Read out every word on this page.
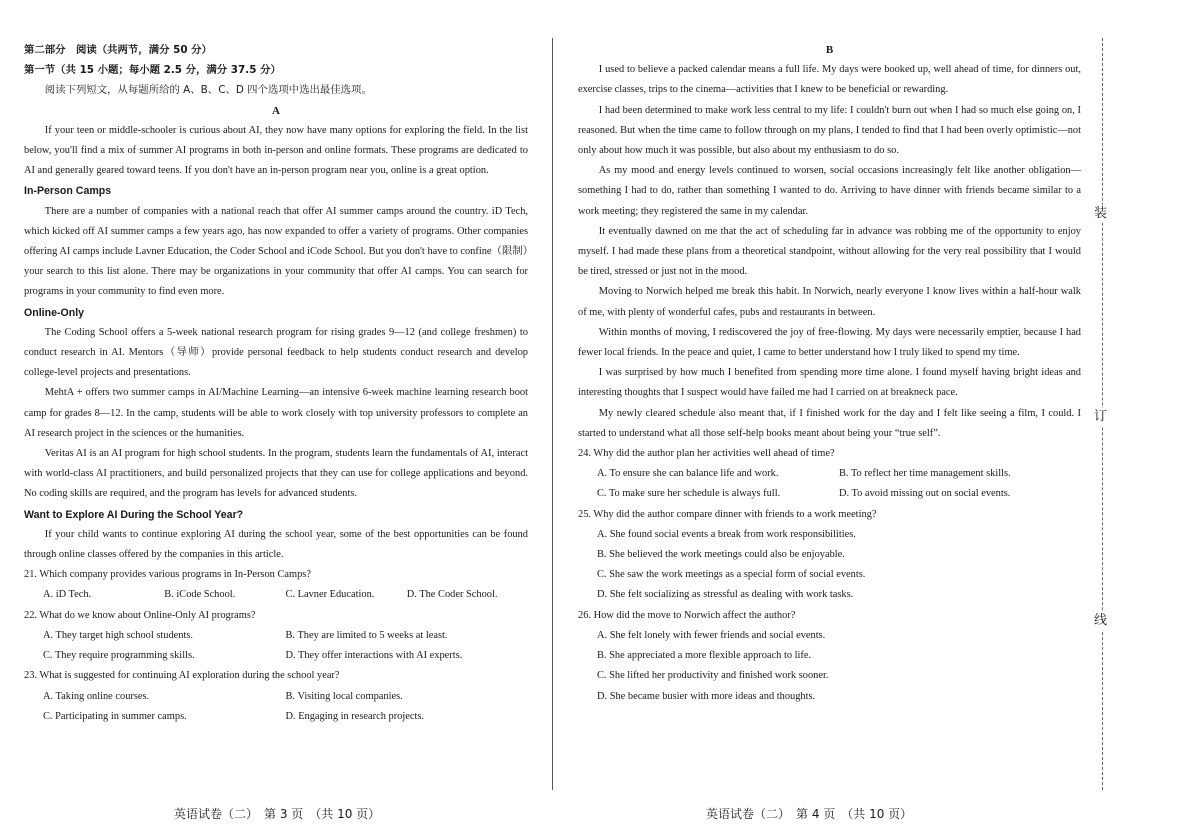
第二部分　阅读（共两节，满分 50 分）

第一节（共 15 小题；每小题 2.5 分，满分 37.5 分）

阅读下列短文，从每题所给的 A、B、C、D 四个选项中选出最佳选项。

A

If your teen or middle-schooler is curious about AI, they now have many options for exploring the field. In the list below, you'll find a mix of summer AI programs in both in-person and online formats. These programs are dedicated to AI and generally geared toward teens. If you don't have an in-person program near you, online is a great option.

In-Person Camps

There are a number of companies with a national reach that offer AI summer camps around the country. iD Tech, which kicked off AI summer camps a few years ago, has now expanded to offer a variety of programs. Other companies offering AI camps include Lavner Education, the Coder School and iCode School. But you don't have to confine（限制）your search to this list alone. There may be organizations in your community that offer AI camps. You can search for programs in your community to find even more.

Online-Only

The Coding School offers a 5-week national research program for rising grades 9—12 (and college freshmen) to conduct research in AI. Mentors（导师）provide personal feedback to help students conduct research and develop college-level projects and presentations.

MehtA + offers two summer camps in AI/Machine Learning—an intensive 6-week machine learning research boot camp for grades 8—12. In the camp, students will be able to work closely with top university professors to complete an AI research project in the sciences or the humanities.

Veritas AI is an AI program for high school students. In the program, students learn the fundamentals of AI, interact with world-class AI practitioners, and build personalized projects that they can use for college applications and beyond. No coding skills are required, and the program has levels for advanced students.

Want to Explore AI During the School Year?

If your child wants to continue exploring AI during the school year, some of the best opportunities can be found through online classes offered by the companies in this article.

21. Which company provides various programs in In-Person Camps?

A. iD Tech.	B. iCode School.	C. Lavner Education.	D. The Coder School.

22. What do we know about Online-Only AI programs?

A. They target high school students.	B. They are limited to 5 weeks at least.
C. They require programming skills.	D. They offer interactions with AI experts.

23. What is suggested for continuing AI exploration during the school year?

A. Taking online courses.	B. Visiting local companies.
C. Participating in summer camps.	D. Engaging in research projects.

B

I used to believe a packed calendar means a full life. My days were booked up, well ahead of time, for dinners out, exercise classes, trips to the cinema—activities that I knew to be beneficial or rewarding.

I had been determined to make work less central to my life: I couldn't burn out when I had so much else going on, I reasoned. But when the time came to follow through on my plans, I tended to find that I had been overly optimistic—not only about how much it was possible, but also about my enthusiasm to do so.

As my mood and energy levels continued to worsen, social occasions increasingly felt like another obligation—something I had to do, rather than something I wanted to do. Arriving to have dinner with friends became similar to a work meeting; they registered the same in my calendar.

It eventually dawned on me that the act of scheduling far in advance was robbing me of the opportunity to enjoy myself. I had made these plans from a theoretical standpoint, without allowing for the very real possibility that I would be tired, stressed or just not in the mood.

Moving to Norwich helped me break this habit. In Norwich, nearly everyone I know lives within a half-hour walk of me, with plenty of wonderful cafes, pubs and restaurants in between.

Within months of moving, I rediscovered the joy of free-flowing. My days were necessarily emptier, because I had fewer local friends. In the peace and quiet, I came to better understand how I truly liked to spend my time.

I was surprised by how much I benefited from spending more time alone. I found myself having bright ideas and interesting thoughts that I suspect would have failed me had I carried on at breakneck pace.

My newly cleared schedule also meant that, if I finished work for the day and I felt like seeing a film, I could. I started to understand what all those self-help books meant about being your “true self”.

24. Why did the author plan her activities well ahead of time?

A. To ensure she can balance life and work.	B. To reflect her time management skills.
C. To make sure her schedule is always full.	D. To avoid missing out on social events.

25. Why did the author compare dinner with friends to a work meeting?

A. She found social events a break from work responsibilities.
B. She believed the work meetings could also be enjoyable.
C. She saw the work meetings as a special form of social events.
D. She felt socializing as stressful as dealing with work tasks.

26. How did the move to Norwich affect the author?

A. She felt lonely with fewer friends and social events.
B. She appreciated a more flexible approach to life.
C. She lifted her productivity and finished work sooner.
D. She became busier with more ideas and thoughts.
装
订
线
英语试卷（二）　第 3 页　（共 10 页）	英语试卷（二）　第 4 页　（共 10 页）
